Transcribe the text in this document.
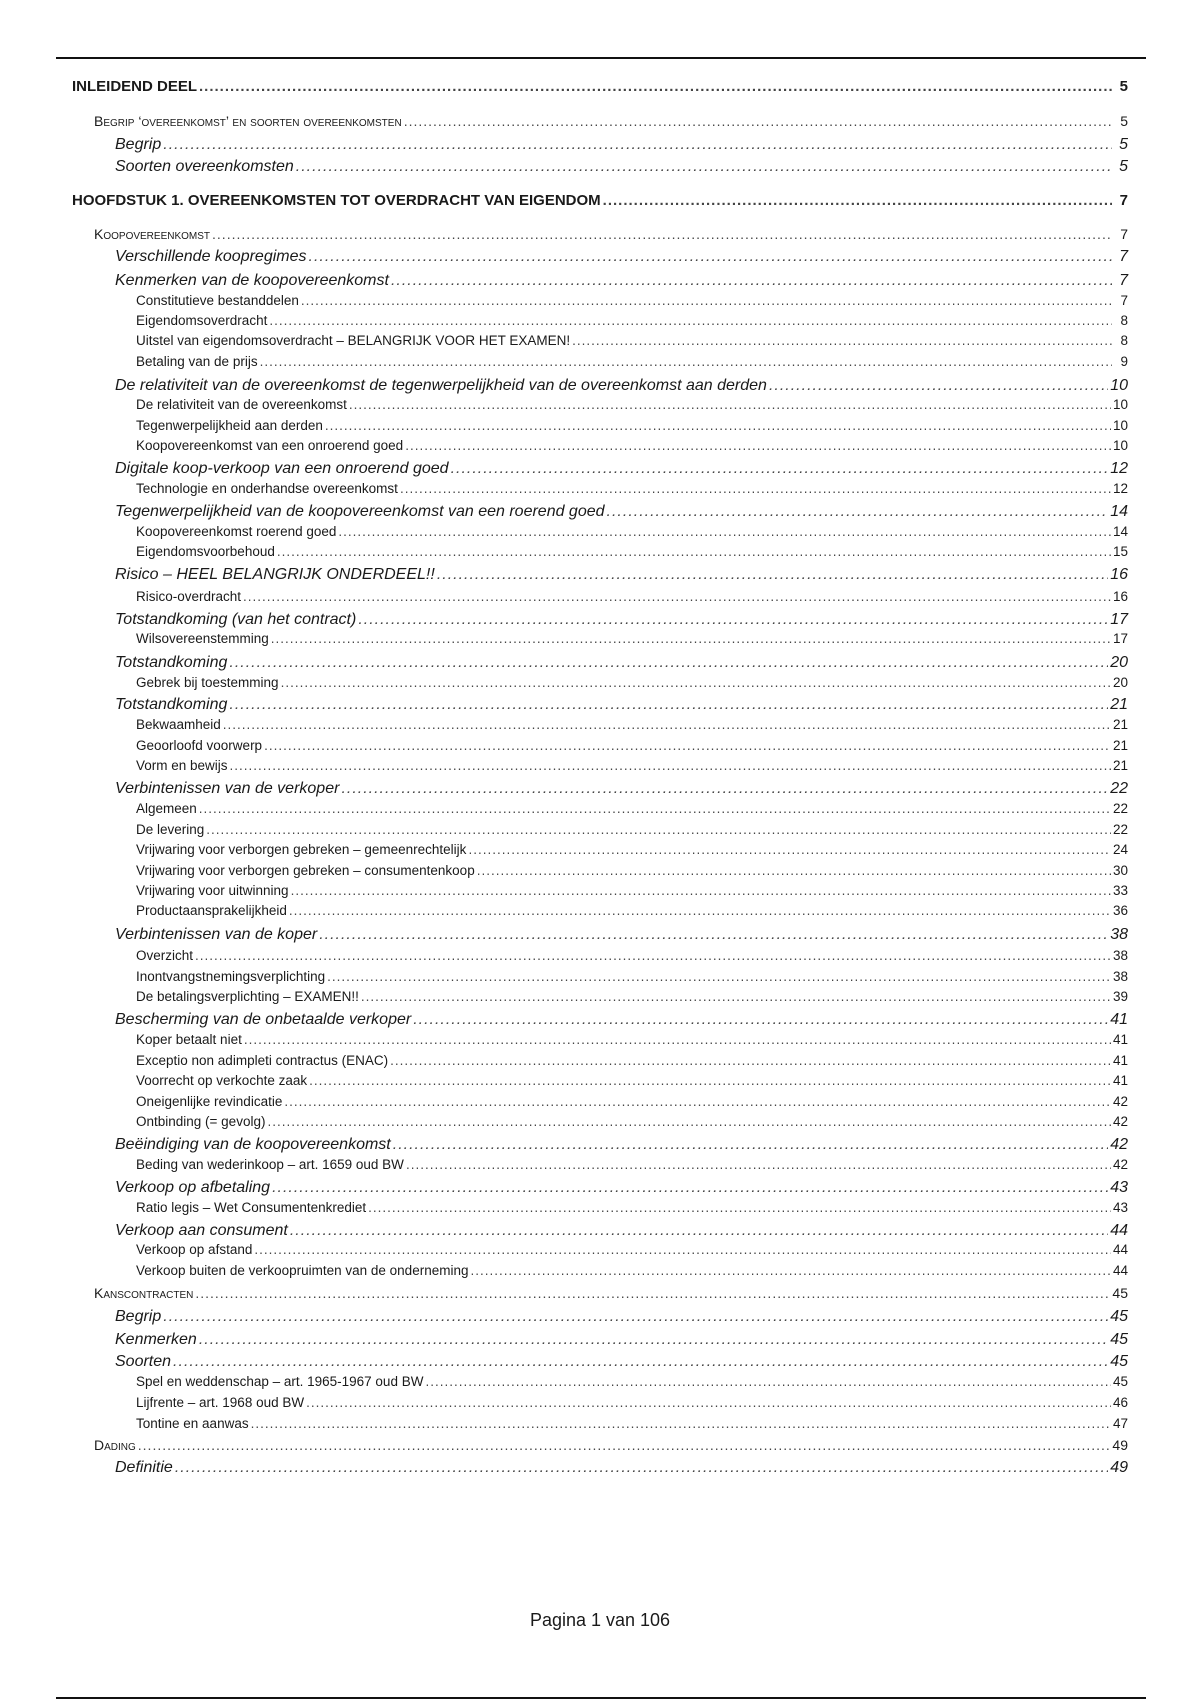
INLEIDEND DEEL .....	5
Begrip ‘overeenkomst’ en soorten overeenkomsten .....	5
Begrip .....	5
Soorten overeenkomsten .....	5
HOOFDSTUK 1. OVEREENKOMSTEN TOT OVERDRACHT VAN EIGENDOM .....	7
Koopovereenkomst .....	7
Verschillende koopregimes .....	7
Kenmerken van de koopovereenkomst .....	7
Constitutieve bestanddelen .....	7
Eigendomsoverdracht .....	8
Uitstel van eigendomsoverdracht – BELANGRIJK VOOR HET EXAMEN! .....	8
Betaling van de prijs .....	9
De relativiteit van de overeenkomst de tegenwerpelijkheid van de overeenkomst aan derden .....	10
De relativiteit van de overeenkomst .....	10
Tegenwerpelijkheid aan derden .....	10
Koopovereenkomst van een onroerend goed .....	10
Digitale koop-verkoop van een onroerend goed .....	12
Technologie en onderhandse overeenkomst .....	12
Tegenwerpelijkheid van de koopovereenkomst van een roerend goed .....	14
Koopovereenkomst roerend goed .....	14
Eigendomsvoorbehoud .....	15
Risico – HEEL BELANGRIJK ONDERDEEL!! .....	16
Risico-overdracht .....	16
Totstandkoming (van het contract) .....	17
Wilsovereenstemming .....	17
Totstandkoming .....	20
Gebrek bij toestemming .....	20
Totstandkoming .....	21
Bekwaamheid .....	21
Geoorloofd voorwerp .....	21
Vorm en bewijs .....	21
Verbintenissen van de verkoper .....	22
Algemeen .....	22
De levering .....	22
Vrijwaring voor verborgen gebreken – gemeenrechtelijk .....	24
Vrijwaring voor verborgen gebreken – consumentenkoop .....	30
Vrijwaring voor uitwinning .....	33
Productaansprakelijkheid .....	36
Verbintenissen van de koper .....	38
Overzicht .....	38
Inontvangstnemingsverplichting .....	38
De betalingsverplichting – EXAMEN!! .....	39
Bescherming van de onbetaalde verkoper .....	41
Koper betaalt niet .....	41
Exceptio non adimpleti contractus (ENAC) .....	41
Voorrecht op verkochte zaak .....	41
Oneigenlijke revindicatie .....	42
Ontbinding (= gevolg) .....	42
Beëindiging van de koopovereenkomst .....	42
Beding van wederinkoop – art. 1659 oud BW .....	42
Verkoop op afbetaling .....	43
Ratio legis – Wet Consumentenkrediet .....	43
Verkoop aan consument .....	44
Verkoop op afstand .....	44
Verkoop buiten de verkoopruimten van de onderneming .....	44
Kanscontracten .....	45
Begrip .....	45
Kenmerken .....	45
Soorten .....	45
Spel en weddenschap – art. 1965-1967 oud BW .....	45
Lijfrente – art. 1968 oud BW .....	46
Tontine en aanwas .....	47
Dading .....	49
Definitie .....	49
Pagina 1 van 106
